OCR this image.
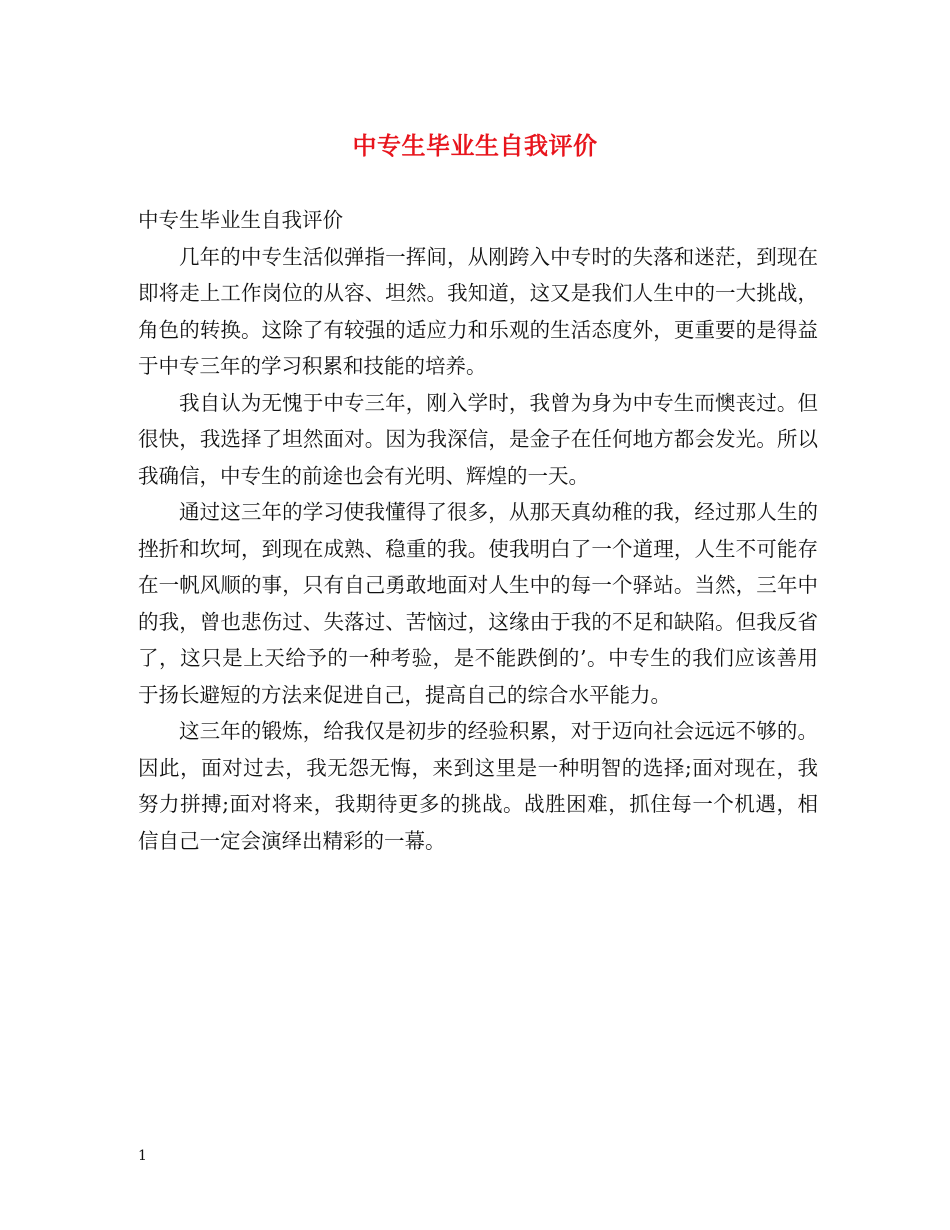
中专生毕业生自我评价

中专生毕业生自我评价

几年的中专生活似弹指一挥间，从刚跨入中专时的失落和迷茫，到现在即将走上工作岗位的从容、坦然。我知道，这又是我们人生中的一大挑战，角色的转换。这除了有较强的适应力和乐观的生活态度外，更重要的是得益于中专三年的学习积累和技能的培养。

我自认为无愧于中专三年，刚入学时，我曾为身为中专生而懊丧过。但很快，我选择了坦然面对。因为我深信，是金子在任何地方都会发光。所以我确信，中专生的前途也会有光明、辉煌的一天。

通过这三年的学习使我懂得了很多，从那天真幼稚的我，经过那人生的挫折和坎坷，到现在成熟、稳重的我。使我明白了一个道理，人生不可能存在一帆风顺的事，只有自己勇敢地面对人生中的每一个驿站。当然，三年中的我，曾也悲伤过、失落过、苦恼过，这缘由于我的不足和缺陷。但我反省了，这只是上天给予的一种考验，是不能跌倒的’。中专生的我们应该善用于扬长避短的方法来促进自己，提高自己的综合水平能力。

这三年的锻炼，给我仅是初步的经验积累，对于迈向社会远远不够的。因此，面对过去，我无怨无悔，来到这里是一种明智的选择;面对现在，我努力拼搏;面对将来，我期待更多的挑战。战胜困难，抓住每一个机遇，相信自己一定会演绎出精彩的一幕。

1
